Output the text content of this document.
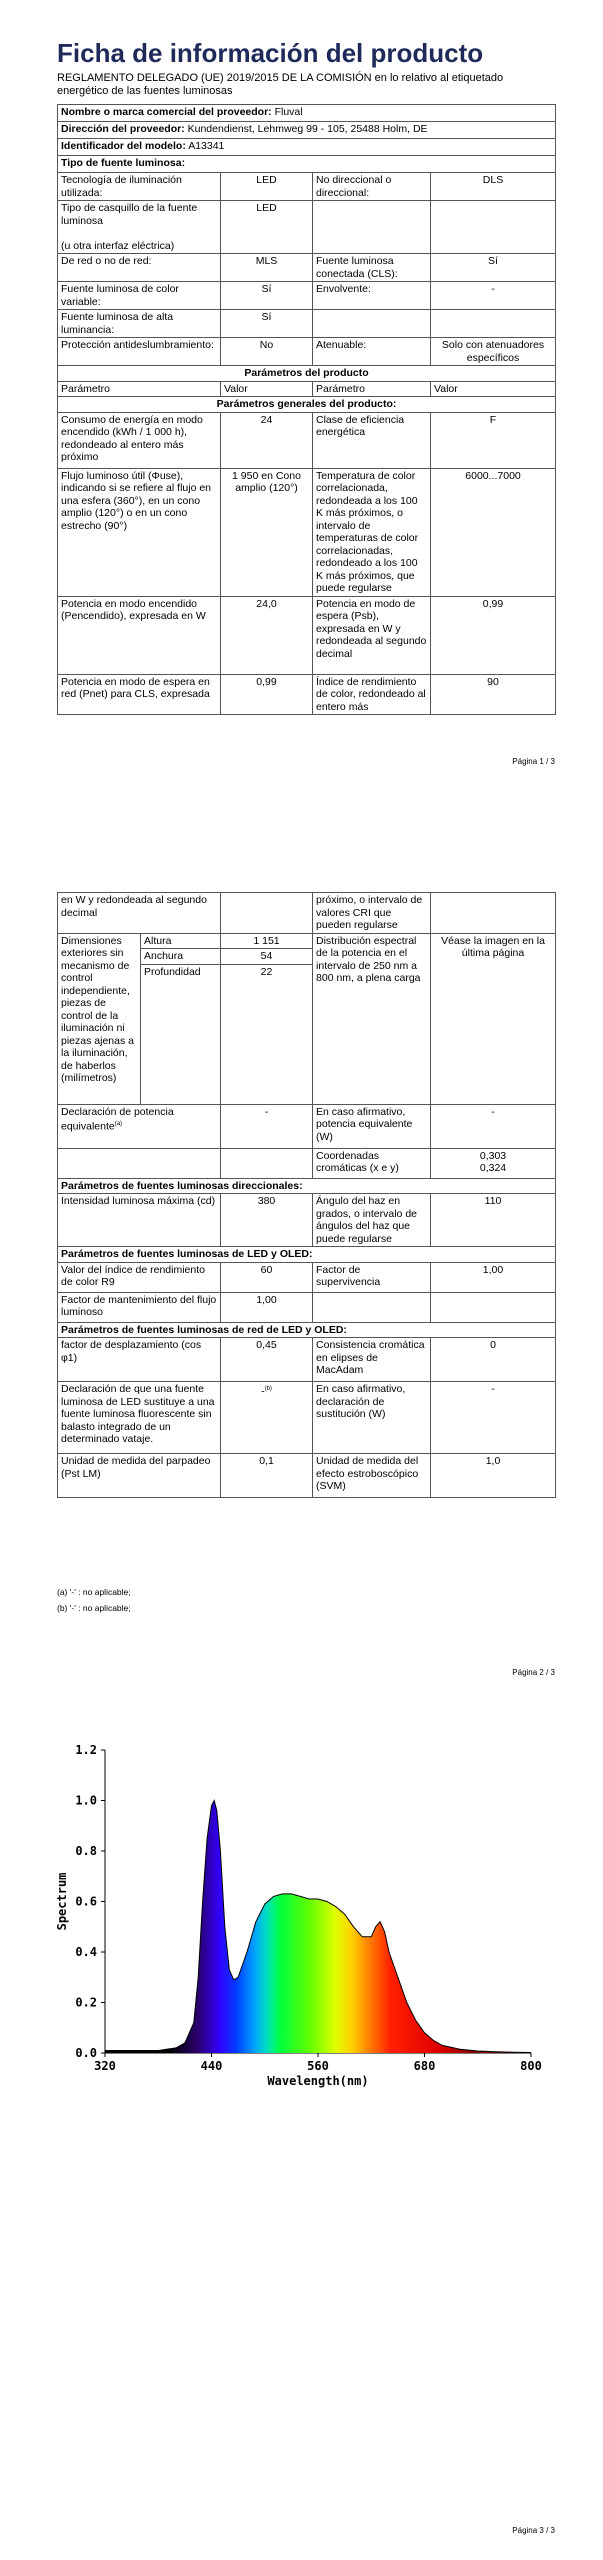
Ficha de información del producto
REGLAMENTO DELEGADO (UE) 2019/2015 DE LA COMISIÓN en lo relativo al etiquetado energético de las fuentes luminosas
Nombre o marca comercial del proveedor: Fluval			
Dirección del proveedor: Kundendienst, Lehmweg 99 - 105, 25488 Holm, DE			
Identificador del modelo: A13341			
Tipo de fuente luminosa:			
Tecnología de iluminación utilizada:	LED	No direccional o direccional:	DLS
Tipo de casquillo de la fuente luminosa

(u otra interfaz eléctrica)	LED		
De red o no de red:	MLS	Fuente luminosa conectada (CLS):	Sí
Fuente luminosa de color variable:	Sí	Envolvente:	-
Fuente luminosa de alta luminancia:	Sí		
Protección antideslumbramiento:	No	Atenuable:	Solo con atenuadores específicos
Parámetros del producto			
Parámetro	Valor	Parámetro	Valor
Parámetros generales del producto:			
Consumo de energía en modo encendido (kWh / 1 000 h), redondeado al entero más próximo	24	Clase de eficiencia energética	F
Flujo luminoso útil (Φuse), indicando si se refiere al flujo en una esfera (360°), en un cono amplio (120°) o en un cono estrecho (90°)	1 950 en Cono amplio (120°)	Temperatura de color correlacionada, redondeada a los 100 K más próximos, o intervalo de temperaturas de color correlacionadas, redondeado a los 100 K más próximos, que puede regularse	6000...7000
Potencia en modo encendido (Pencendido), expresada en W	24,0	Potencia en modo de espera (Psb), expresada en W y redondeada al segundo decimal	0,99
Potencia en modo de espera en red (Pnet) para CLS, expresada	0,99	Índice de rendimiento de color, redondeado al entero más	90
Página 1 / 3
en W y redondeada al segundo decimal			próximo, o intervalo de valores CRI que pueden regularse	
Dimensiones exteriores sin mecanismo de control independiente, piezas de control de la iluminación ni piezas ajenas a la iluminación, de haberlos (milímetros)	Altura	1 151	Distribución espectral de la potencia en el intervalo de 250 nm a 800 nm, a plena carga	Véase la imagen en la última página
	Anchura	54		
	Profundidad	22		
Declaración de potencia equivalente$^{(a)}$		-	En caso afirmativo, potencia equivalente (W)	-
			Coordenadas cromáticas (x e y)	0,303
0,324
Parámetros de fuentes luminosas direccionales:				
Intensidad luminosa máxima (cd)		380	Ángulo del haz en grados, o intervalo de ángulos del haz que puede regularse	110
Parámetros de fuentes luminosas de LED y OLED:				
Valor del índice de rendimiento de color R9		60	Factor de supervivencia	1,00
Factor de mantenimiento del flujo luminoso		1,00		
Parámetros de fuentes luminosas de red de LED y OLED:				
factor de desplazamiento (cos φ1)		0,45	Consistencia cromática en elipses de MacAdam	0
Declaración de que una fuente luminosa de LED sustituye a una fuente luminosa fluorescente sin balasto integrado de un determinado vataje.		-$^{(b)}$	En caso afirmativo, declaración de sustitución (W)	-
Unidad de medida del parpadeo (Pst LM)		0,1	Unidad de medida del efecto estroboscópico (SVM)	1,0
(a) '-' : no aplicable;
(b) '-' : no aplicable;
Página 2 / 3
0.0
0.2
0.4
0.6
0.8
1.0
1.2
320	440	560	680	800
Spectrum
Wavelength(nm)
Página 3 / 3
